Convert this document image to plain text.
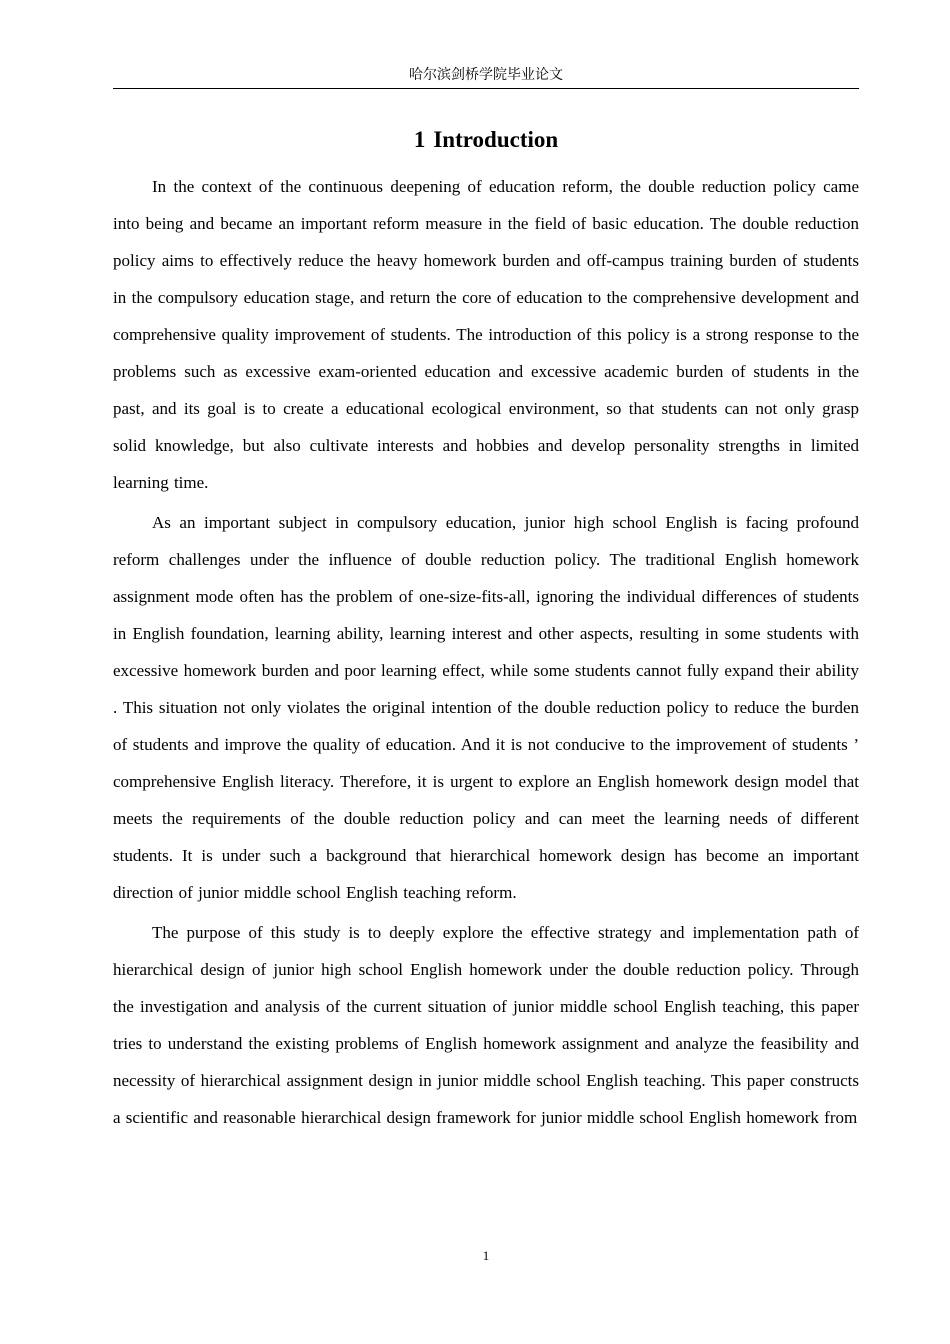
哈尔滨剑桥学院毕业论文
1 Introduction

In the context of the continuous deepening of education reform, the double reduction policy came into being and became an important reform measure in the field of basic education. The double reduction policy aims to effectively reduce the heavy homework burden and off-campus training burden of students in the compulsory education stage, and return the core of education to the comprehensive development and comprehensive quality improvement of students. The introduction of this policy is a strong response to the problems such as excessive exam-oriented education and excessive academic burden of students in the past, and its goal is to create a educational ecological environment, so that students can not only grasp solid knowledge, but also cultivate interests and hobbies and develop personality strengths in limited learning time.

As an important subject in compulsory education, junior high school English is facing profound reform challenges under the influence of double reduction policy. The traditional English homework assignment mode often has the problem of one-size-fits-all, ignoring the individual differences of students in English foundation, learning ability, learning interest and other aspects, resulting in some students with excessive homework burden and poor learning effect, while some students cannot fully expand their ability . This situation not only violates the original intention of the double reduction policy to reduce the burden of students and improve the quality of education. And it is not conducive to the improvement of students ’ comprehensive English literacy. Therefore, it is urgent to explore an English homework design model that meets the requirements of the double reduction policy and can meet the learning needs of different students. It is under such a background that hierarchical homework design has become an important direction of junior middle school English teaching reform.

The purpose of this study is to deeply explore the effective strategy and implementation path of hierarchical design of junior high school English homework under the double reduction policy. Through the investigation and analysis of the current situation of junior middle school English teaching, this paper tries to understand the existing problems of English homework assignment and analyze the feasibility and necessity of hierarchical assignment design in junior middle school English teaching. This paper constructs a scientific and reasonable hierarchical design framework for junior middle school English homework from

1
